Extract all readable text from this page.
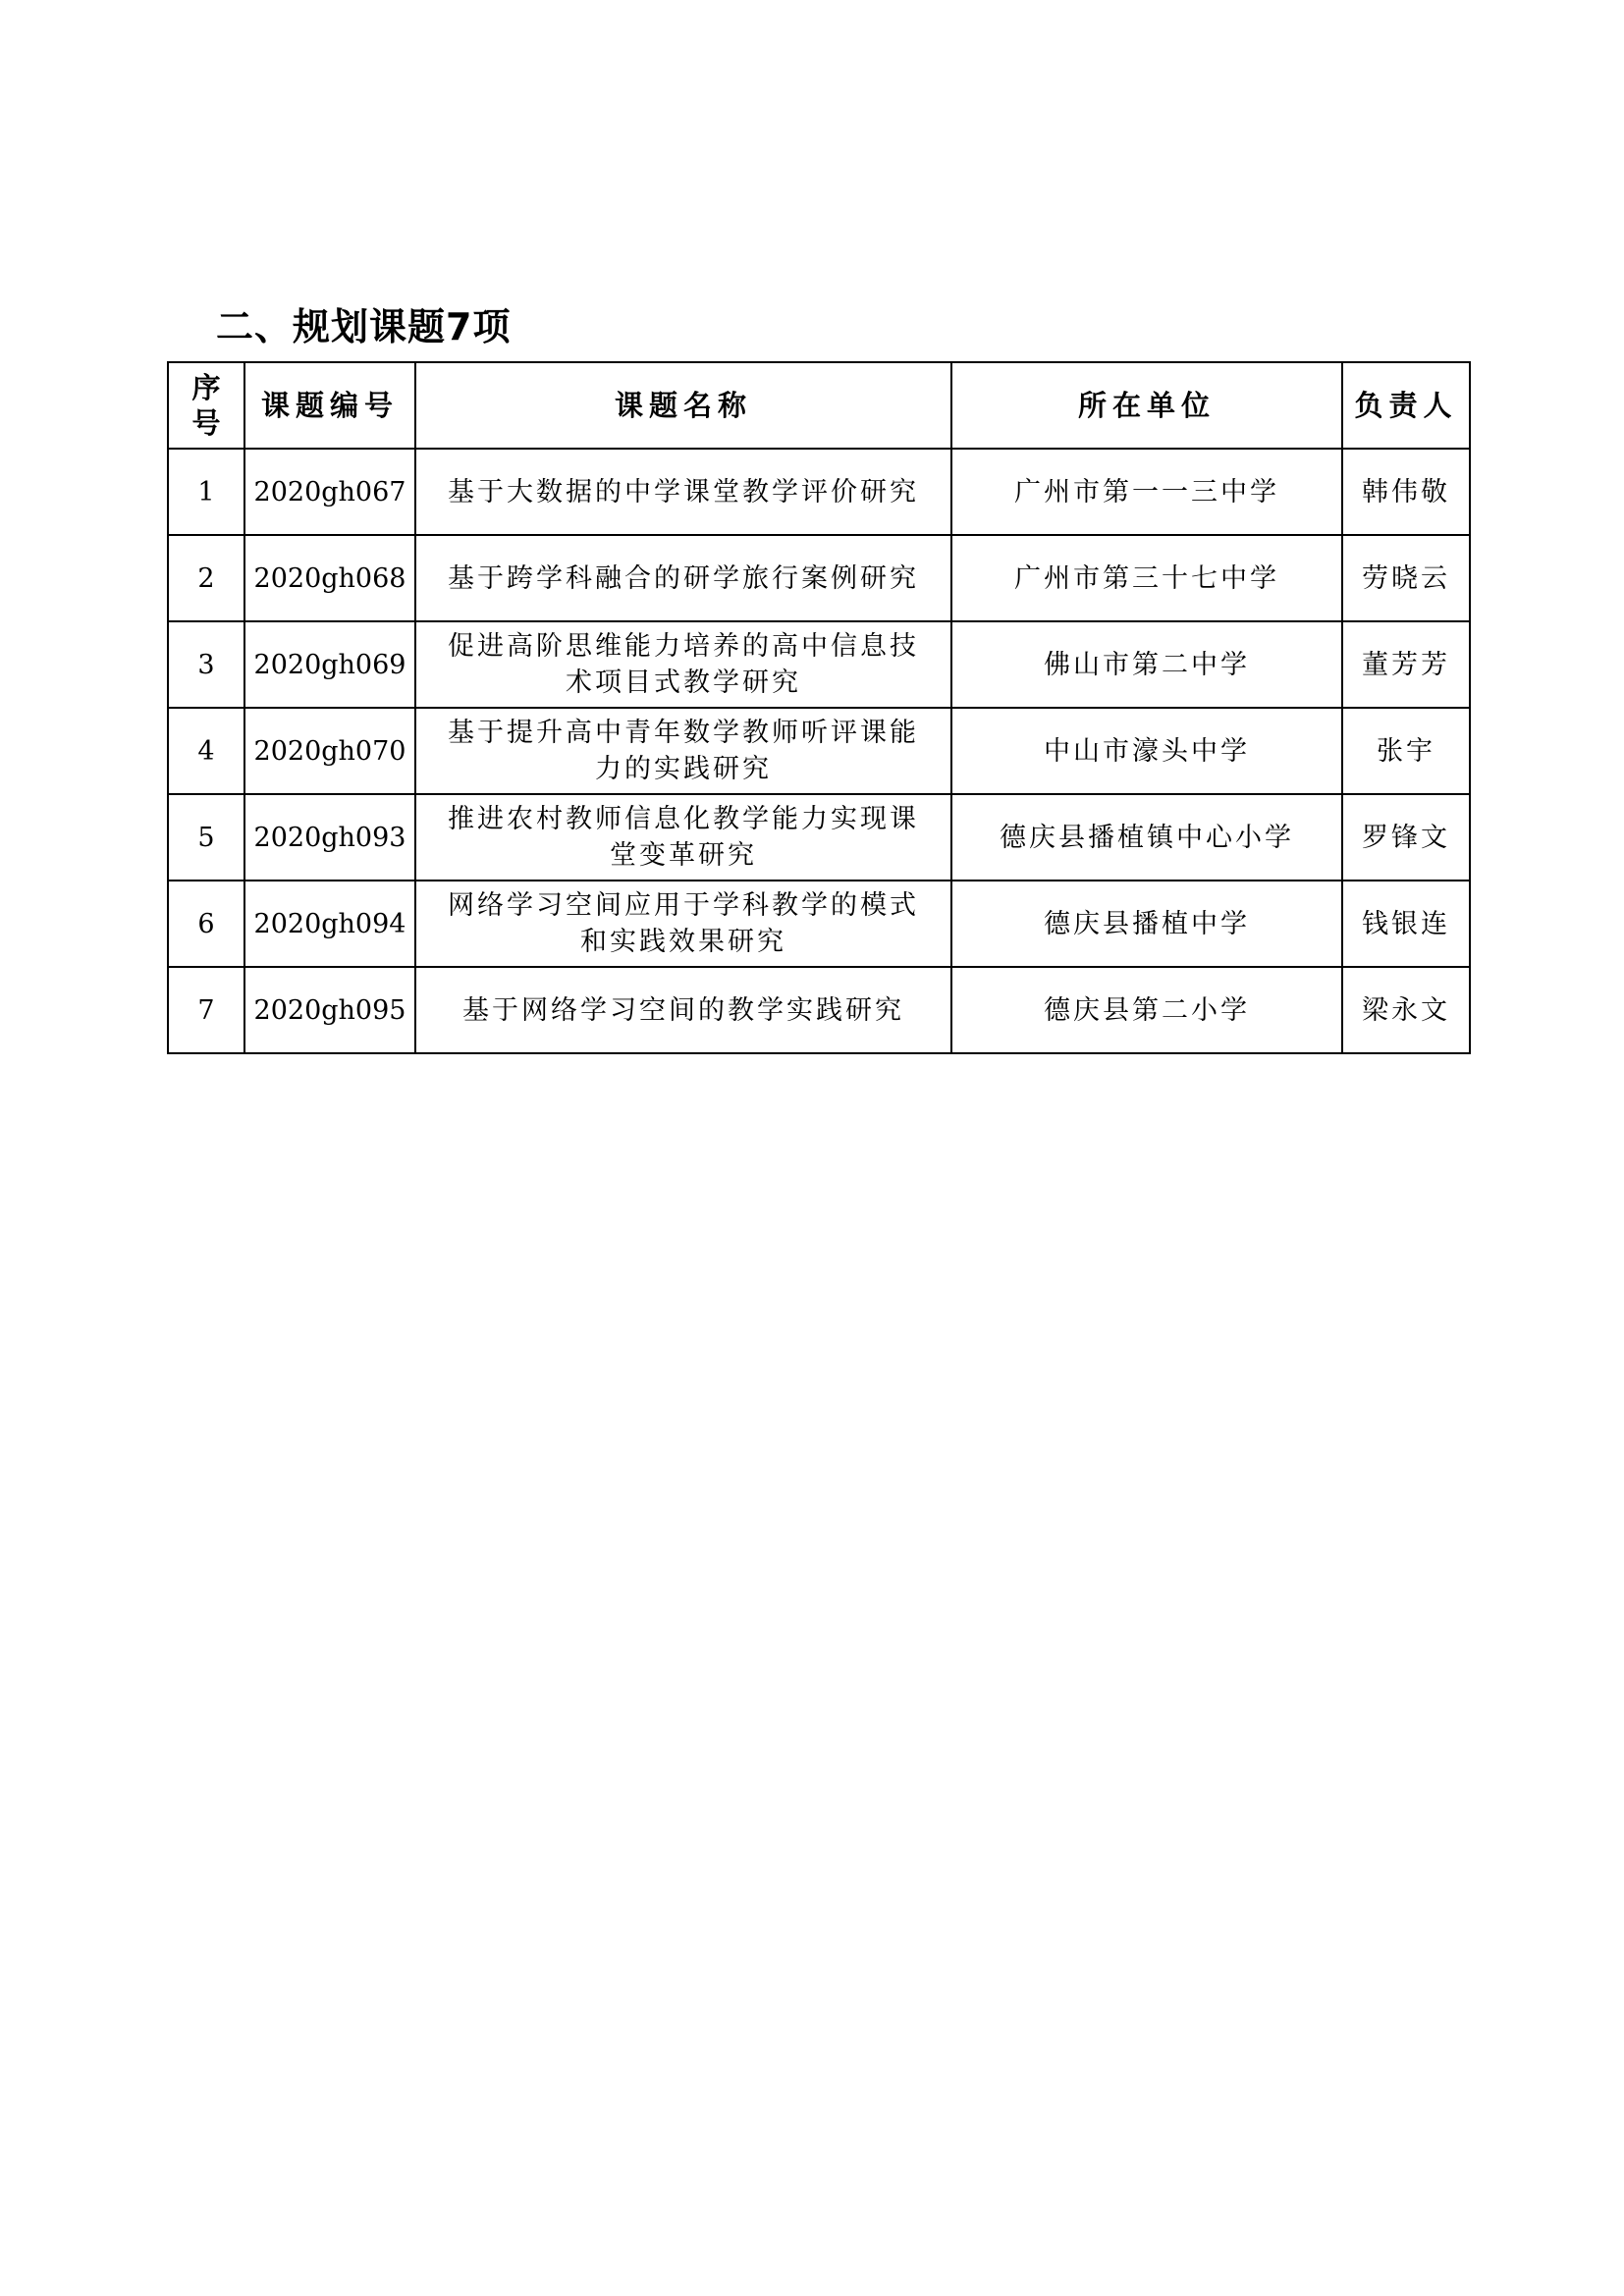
二、规划课题7项
序号	课题编号	课题名称	所在单位	负责人
1	2020gh067	基于大数据的中学课堂教学评价研究	广州市第一一三中学	韩伟敬
2	2020gh068	基于跨学科融合的研学旅行案例研究	广州市第三十七中学	劳晓云
3	2020gh069	促进高阶思维能力培养的高中信息技术项目式教学研究	佛山市第二中学	董芳芳
4	2020gh070	基于提升高中青年数学教师听评课能力的实践研究	中山市濠头中学	张宇
5	2020gh093	推进农村教师信息化教学能力实现课堂变革研究	德庆县播植镇中心小学	罗锋文
6	2020gh094	网络学习空间应用于学科教学的模式和实践效果研究	德庆县播植中学	钱银连
7	2020gh095	基于网络学习空间的教学实践研究	德庆县第二小学	梁永文
